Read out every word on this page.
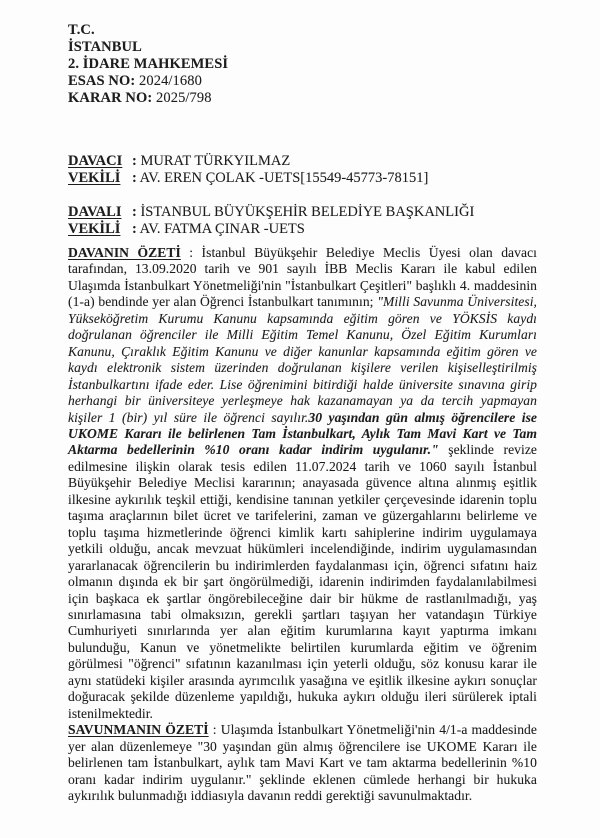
T.C.
İSTANBUL
2. İDARE MAHKEMESİ
ESAS NO: 2024/1680
KARAR NO: 2025/798
DAVACI : MURAT TÜRKYILMAZ
VEKİLİ : AV. EREN ÇOLAK -UETS[15549-45773-78151]
DAVALI : İSTANBUL BÜYÜKŞEHİR BELEDİYE BAŞKANLIĞI
VEKİLİ : AV. FATMA ÇINAR -UETS

DAVANIN ÖZETİ : İstanbul Büyükşehir Belediye Meclis Üyesi olan davacı tarafından, 13.09.2020 tarih ve 901 sayılı İBB Meclis Kararı ile kabul edilen Ulaşımda İstanbulkart Yönetmeliği'nin "İstanbulkart Çeşitleri" başlıklı 4. maddesinin (1-a) bendinde yer alan Öğrenci İstanbulkart tanımının; "Milli Savunma Üniversitesi, Yükseköğretim Kurumu Kanunu kapsamında eğitim gören ve YÖKSİS kaydı doğrulanan öğrenciler ile Milli Eğitim Temel Kanunu, Özel Eğitim Kurumları Kanunu, Çıraklık Eğitim Kanunu ve diğer kanunlar kapsamında eğitim gören ve kaydı elektronik sistem üzerinden doğrulanan kişilere verilen kişiselleştirilmiş İstanbulkartını ifade eder. Lise öğrenimini bitirdiği halde üniversite sınavına girip herhangi bir üniversiteye yerleşmeye hak kazanamayan ya da tercih yapmayan kişiler 1 (bir) yıl süre ile öğrenci sayılır.30 yaşından gün almış öğrencilere ise UKOME Kararı ile belirlenen Tam İstanbulkart, Aylık Tam Mavi Kart ve Tam Aktarma bedellerinin %10 oranı kadar indirim uygulanır." şeklinde revize edilmesine ilişkin olarak tesis edilen 11.07.2024 tarih ve 1060 sayılı İstanbul Büyükşehir Belediye Meclisi kararının; anayasada güvence altına alınmış eşitlik ilkesine aykırılık teşkil ettiği, kendisine tanınan yetkiler çerçevesinde idarenin toplu taşıma araçlarının bilet ücret ve tarifelerini, zaman ve güzergahlarını belirleme ve toplu taşıma hizmetlerinde öğrenci kimlik kartı sahiplerine indirim uygulamaya yetkili olduğu, ancak mevzuat hükümleri incelendiğinde, indirim uygulamasından yararlanacak öğrencilerin bu indirimlerden faydalanması için, öğrenci sıfatını haiz olmanın dışında ek bir şart öngörülmediği, idarenin indirimden faydalanılabilmesi için başkaca ek şartlar öngörebileceğine dair bir hükme de rastlanılmadığı, yaş sınırlamasına tabi olmaksızın, gerekli şartları taşıyan her vatandaşın Türkiye Cumhuriyeti sınırlarında yer alan eğitim kurumlarına kayıt yaptırma imkanı bulunduğu, Kanun ve yönetmelikte belirtilen kurumlarda eğitim ve öğrenim görülmesi "öğrenci" sıfatının kazanılması için yeterli olduğu, söz konusu karar ile aynı statüdeki kişiler arasında ayrımcılık yasağına ve eşitlik ilkesine aykırı sonuçlar doğuracak şekilde düzenleme yapıldığı, hukuka aykırı olduğu ileri sürülerek iptali istenilmektedir.

SAVUNMANIN ÖZETİ : Ulaşımda İstanbulkart Yönetmeliği'nin 4/1-a maddesinde yer alan düzenlemeye "30 yaşından gün almış öğrencilere ise UKOME Kararı ile belirlenen tam İstanbulkart, aylık tam Mavi Kart ve tam aktarma bedellerinin %10 oranı kadar indirim uygulanır." şeklinde eklenen cümlede herhangi bir hukuka aykırılık bulunmadığı iddiasıyla davanın reddi gerektiği savunulmaktadır.
